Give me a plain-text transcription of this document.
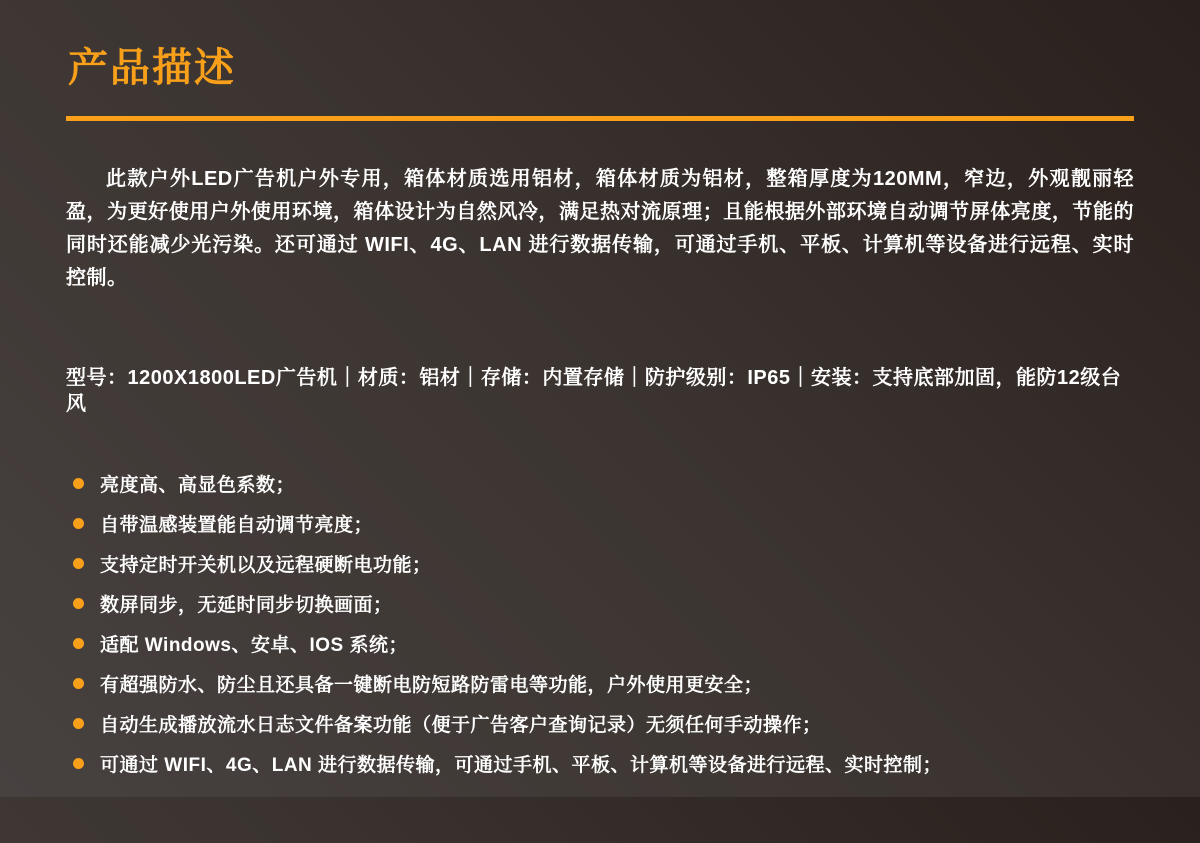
产品描述

此款户外LED广告机户外专用，箱体材质选用铝材，箱体材质为铝材，整箱厚度为120MM，窄边，外观靓丽轻盈，为更好使用户外使用环境，箱体设计为自然风冷，满足热对流原理；且能根据外部环境自动调节屏体亮度，节能的同时还能减少光污染。还可通过 WIFI、4G、LAN 进行数据传输，可通过手机、平板、计算机等设备进行远程、实时控制。

型号：1200X1800LED广告机｜材质：铝材｜存储：内置存储｜防护级别：IP65｜安装：支持底部加固，能防12级台风

亮度高、高显色系数；
自带温感装置能自动调节亮度；
支持定时开关机以及远程硬断电功能；
数屏同步，无延时同步切换画面；
适配 Windows、安卓、IOS 系统；
有超强防水、防尘且还具备一键断电防短路防雷电等功能，户外使用更安全；
自动生成播放流水日志文件备案功能（便于广告客户查询记录）无须任何手动操作；
可通过 WIFI、4G、LAN 进行数据传输，可通过手机、平板、计算机等设备进行远程、实时控制；
